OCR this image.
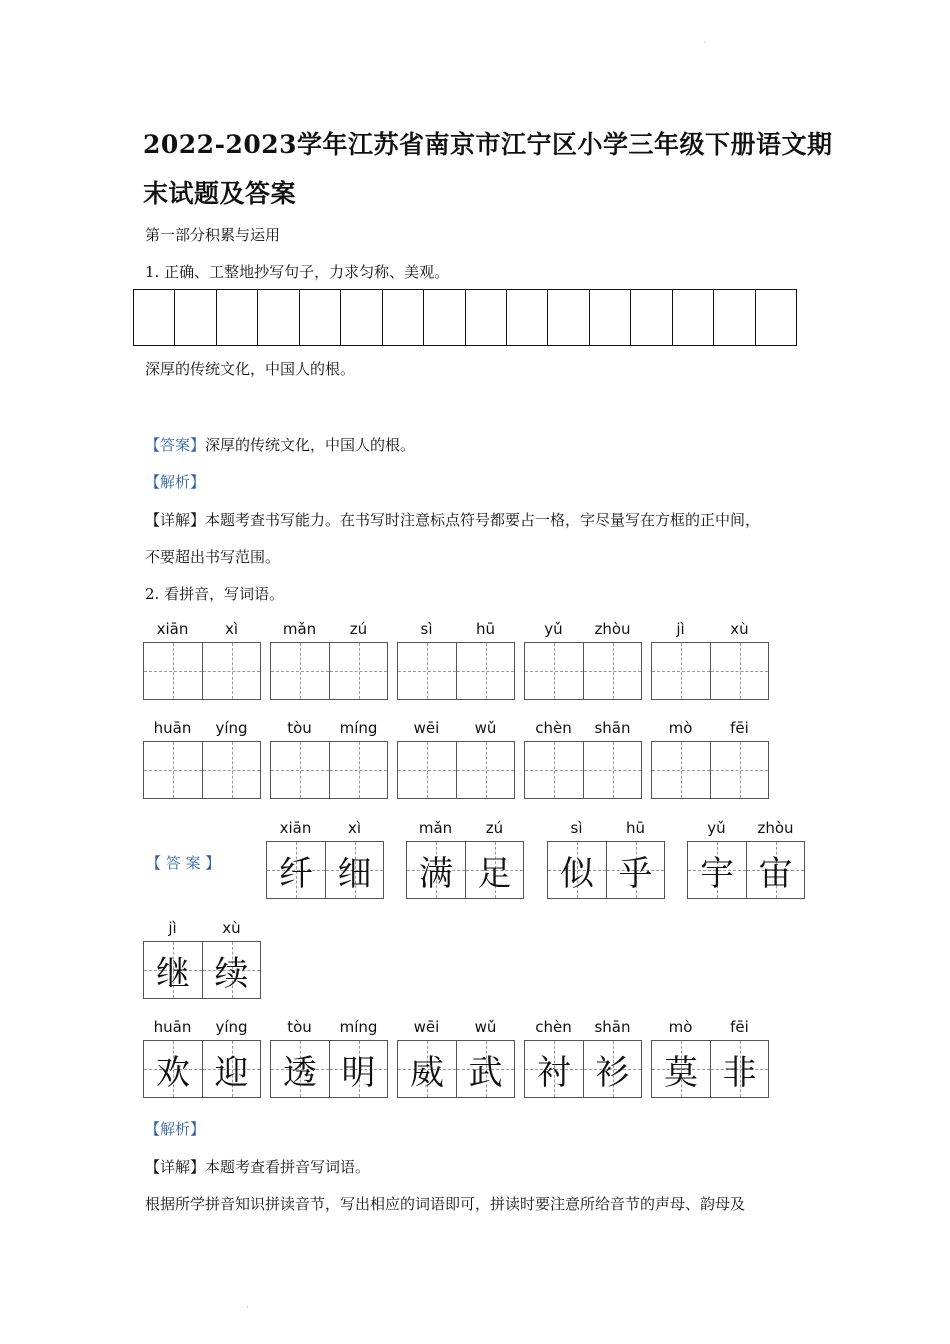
2022-2023学年江苏省南京市江宁区小学三年级下册语文期
末试题及答案
第一部分积累与运用
1. 正确、工整地抄写句子，力求匀称、美观。
深厚的传统文化，中国人的根。
【答案】深厚的传统文化，中国人的根。
【解析】
【详解】本题考查书写能力。在书写时注意标点符号都要占一格，字尽量写在方框的正中间，
不要超出书写范围。
2. 看拼音，写词语。
xiān	xì	mǎn	zú	sì	hū	yǔ	zhòu	jì	xù
huān	yíng	tòu	míng	wēi	wǔ	chèn	shān	mò	fēi
xiān	xì
纤 细
mǎn	zú
满 足
sì	hū
似 乎
yǔ	zhòu
宇 宙
jì	xù
继 续
huān	yíng
欢 迎
tòu	míng
透 明
wēi	wǔ
威 武
chèn	shān
衬 衫
mò	fēi
莫 非
【 答 案 】
【解析】
【详解】本题考查看拼音写词语。
根据所学拼音知识拼读音节，写出相应的词语即可，拼读时要注意所给音节的声母、韵母及
·
·
